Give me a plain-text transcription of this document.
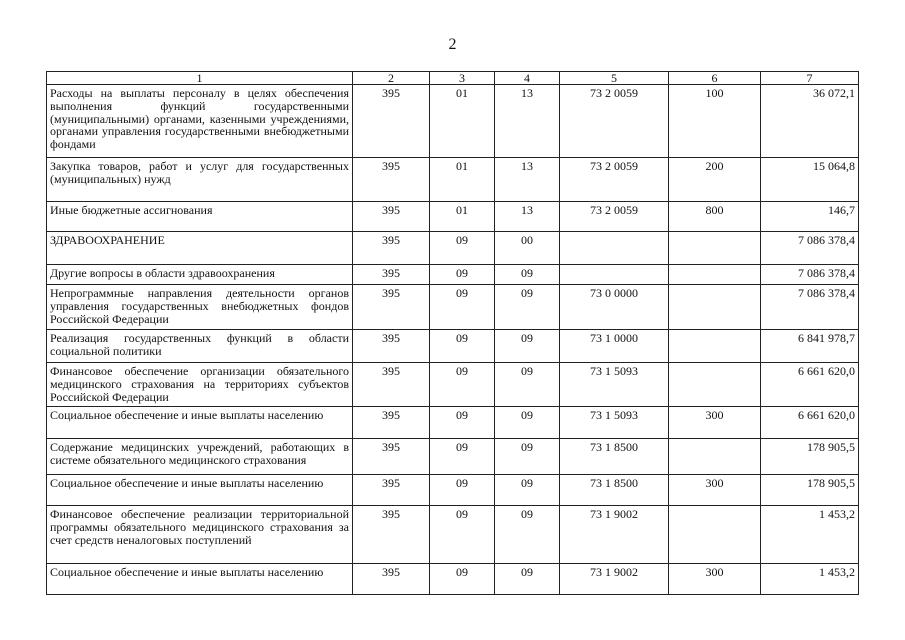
2
1	2	3	4	5	6	7
Расходы на выплаты персоналу в целях обеспечения выполнения функций государственными (муниципальными) органами, казенными учреждениями, органами управления государственными внебюджетными фондами	395	01	13	73 2 0059	100	36 072,1
Закупка товаров, работ и услуг для государственных (муниципальных) нужд	395	01	13	73 2 0059	200	15 064,8
Иные бюджетные ассигнования	395	01	13	73 2 0059	800	146,7
ЗДРАВООХРАНЕНИЕ	395	09	00			7 086 378,4
Другие вопросы в области здравоохранения	395	09	09			7 086 378,4
Непрограммные направления деятельности органов управления государственных внебюджетных фондов Российской Федерации	395	09	09	73 0 0000		7 086 378,4
Реализация государственных функций в области социальной политики	395	09	09	73 1 0000		6 841 978,7
Финансовое обеспечение организации обязательного медицинского страхования на территориях субъектов Российской Федерации	395	09	09	73 1 5093		6 661 620,0
Социальное обеспечение и иные выплаты населению	395	09	09	73 1 5093	300	6 661 620,0
Содержание медицинских учреждений, работающих в системе обязательного медицинского страхования	395	09	09	73 1 8500		178 905,5
Социальное обеспечение и иные выплаты населению	395	09	09	73 1 8500	300	178 905,5
Финансовое обеспечение реализации территориальной программы обязательного медицинского страхования за счет средств неналоговых поступлений	395	09	09	73 1 9002		1 453,2
Социальное обеспечение и иные выплаты населению	395	09	09	73 1 9002	300	1 453,2
